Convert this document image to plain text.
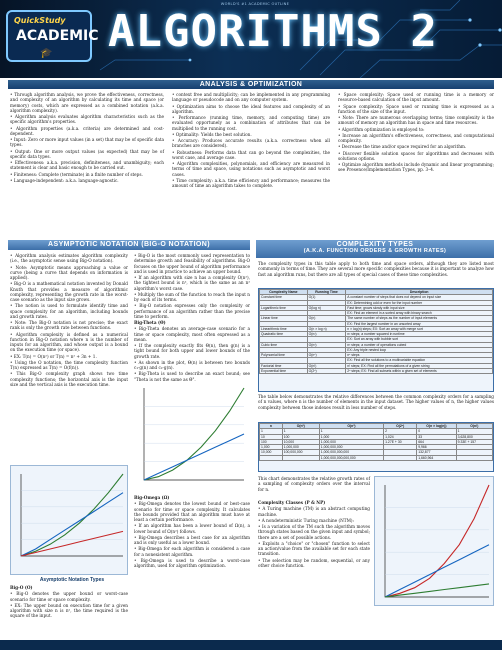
WORLD'S #1 ACADEMIC OUTLINE
QuickStudy
ACADEMIC
🎓 ALGORITHMS 2
ANALYSIS & OPTIMIZATION

• Through algorithm analysis, we prove the effectiveness, correctness, and complexity of an algorithm by calculating its time and space (or memory) costs, which are expressed as a combined notation (a.k.a. algorithm complexity).

• Algorithm analysis evaluates algorithm characteristics such as the specific algorithm's properties.

• Algorithm properties (a.k.a. criteria) are determined and cost-dependent.

• Input: Zero or more input values (in a set) that may be of specific data types.

• Output: One or more output values (as expected) that may be of specific data types.

• Effectiveness: a.k.a. precision, definiteness, and unambiguity; each statement is clear and basic enough to be carried out.

• Finiteness: Complete (terminate) in a finite number of steps.

• Language-independent: a.k.a. language-agnostic.

• context free and multiplicity; can be implemented in any programming language or pseudocode and on any computer system.

• Optimization aims to choose the ideal features and complexity of an algorithm.

• Performance (running time, memory, and computing time) are evaluated opportunely as a combination of attributes that can be multiplied to the running cost.

• Optimality: Yields the best solution.

• Accuracy: Produces accurate results (a.k.a. correctness when all branches are considered).

• Robustness: Performs data that can go beyond the complexities, the worst case, and average case.

• Algorithm complexities, polynomials, and efficiency are measured in terms of time and space, using notations such as asymptotic and worst cases.

• Time complexity: a.k.a. time efficiency and performance; measures the amount of time an algorithm takes to complete.

• Space complexity: Space used or running time is a memory or resource-based calculation of the input amount.

• Space complexity: Space used or running time is expressed as a function of the size of the input.

• Note: There are numerous overlapping terms; time complexity is the amount of memory an algorithm has in space and time resources.

• Algorithm optimization is employed to:

• Increase an algorithm's effectiveness, correctness, and computational complexity.

• Decrease the time and/or space required for an algorithm.

• Discover flexible solution spaces for algorithms and decreases with solutions options.

• Optimize algorithm methods include dynamic and linear programming; see Presence/Implementation Types, pp. 3–4.

ASYMPTOTIC NOTATION (BIG-O NOTATION)

• Algorithm analysis estimates algorithm complexity (i.e., the asymptotic sense using Big-O notation).

• Note: Asymptotic means approaching a value or curve (being a curve that depends on information is applied).

• Big-O is a mathematical notation invented by Donald Knuth that provides a measure of algorithmic complexity, representing the growth rate in the worst-case scenario as the input size grows.

• The notion is used to formulate identify time and space complexity for an algorithm, including bounds and growth rates.

• Note: The Big-O notation is not precise; the exact rank is only the growth rate between functions.

• Algorithm complexity is defined as a numerical function in Big-O notation where n is the number of inputs for an algorithm, and whose output is a bound on the execution time (or space).

• EX: T(n) = O(n²) or T(n) = n² + 3n + 1.

• Using the O notation, the time complexity function T(n) expressed as T(n) = O(f(n)).

• This Big-O complexity graph shows two time complexity functions; the horizontal axis is the input size and the vertical axis is the execution time.

• Big-O is the most commonly used representation to determine growth and feasibility of algorithms. Big-O focuses on the upper bound of algorithm performance and is used in practice to achieve an upper bound.

• If an algorithm with size n has a complexity O(n²), the tightest bound is n², which is the same as an n² algorithm's worst case.

• Multiply the sum of the function to reach the input n by each of its terms.

• Big-O notation expresses only the complexity or performance of an algorithm rather than the precise time to perform.

Big-Theta (Θ)

• Big-Theta denotes an average-case scenario for a time or space complexity, most often expressed as a mean.

• If the complexity exactly fits Θ(n), then g(n) is a tight bound for both upper and lower bounds of the growth rate.

• As shown in the plot, Θ(n) is between two bounds c₁·g(n) and c₂·g(n).

• Big-Theta is used to describe an exact bound; see "Theta is not the same as Θ".

Asymptotic Notation Types

Big-O (O)

• Big-O denotes the upper bound or worst-case scenario for time or space complexity.

• EX: The upper bound on execution time for a given algorithm with size n is n², the time required is the square of the input.

Big-Omega (Ω)

• Big-Omega denotes the lowest bound or best-case scenario for time or space complexity. It calculates the bounds provided that an algorithm must have at least a certain performance.

• If an algorithm has been a lower bound of Ω(n), a lower bound of Ω(n²) follows.

• Big-Omega describes a best case for an algorithm and is only useful as a lower bound.

• Big-Omega for each algorithm is considered a case for a nonexistent algorithm.

• Big-Omega is used to describe a worst-case algorithm, used for algorithm optimization.

COMPLEXITY TYPES
(A.K.A. FUNCTION ORDERS & GROWTH RATES)
The complexity types in this table apply to both time and space orders, although they are listed most commonly in terms of time. They are several more specific complexities because it is important to analyze how fast an algorithm runs, but there are all types of special cases of these time complexities.
Complexity Name	Running Time	Description
Constant time	O(1)	A constant number of steps that does not depend on input size
		EX: Determining odd or even for the input number
Logarithmic time	O(log n)	Fast time; grows slowly with input size
		EX: Find an element in a sorted array with binary search
Linear time	O(n)	The same number of steps as the number of input elements
		EX: Find the largest number in an unsorted array
Linearithmic time	O(n × log n)	n × log(n) steps; EX: Sort an array with merge sort
Quadratic time	O(n²)	n² steps; a number squared in runtime
		EX: Sort an array with bubble sort
Cubic time	O(n³)	n³ steps; a number of operations cubed
		EX: Any triple nested loop
Polynomial time	O(nᶜ)	nᶜ steps
		EX: Find all the solutions to a multivariable equation
Factorial time	O(n!)	n! steps; EX: Find all the permutations of a given string
Exponential time	O(2ⁿ)	2ⁿ steps; EX: Find all subsets within a given set of elements
The table below demonstrates the relative differences between the common complexity orders for a sampling of n values, where n is the number of elements in the input dataset. The higher values of n, the higher values complexity between those indexes result in less number of steps.
n	O(n²)	O(n³)	O(2ⁿ)	O(n × log(n))	O(n!)
1	1	1	2	0	1
10	100	1,000	1,024	33	3,628,800
100	10,000	1,000,000	1.27E + 30	664	9.33E + 157
1,000	1,000,000	1,000,000,000		9,966	
10,000	100,000,000	1,000,000,000,000		132,877	
		1,000,000,000,000,000		1,660,964	
This chart demonstrates the relative growth rates of a sampling of complexity orders over the interval for n.

Complexity Classes (P & NP)

• A Turing machine (TM) is an abstract computing machine.

• A nondeterministic Turing machine (NTM):

• Is a variation of the TM such the algorithm moves through states based on the given input and symbol; there are a set of possible actions.

• Exploits a "choice" or "chosen" function to select an action/value from the available set for each state transition.

• The selection may be random, sequential, or any other choice function.
